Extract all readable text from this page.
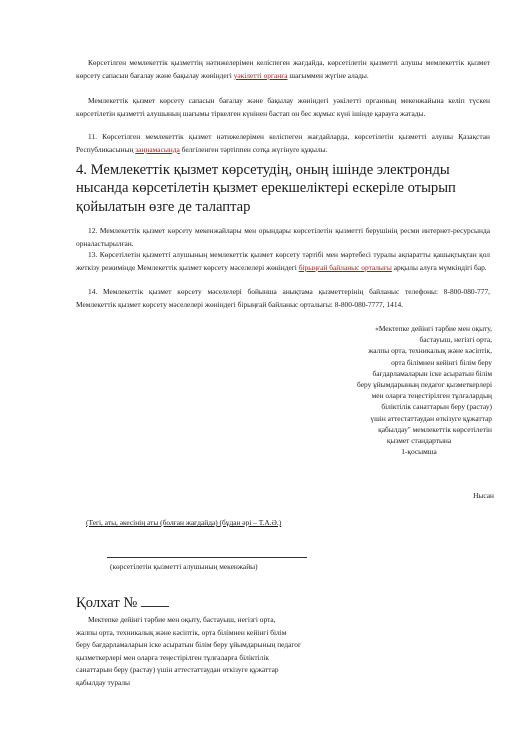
Көрсетілген мемлекеттік қызметтің нәтижелерімен келіспеген жағдайда, көрсетілетін қызметті алушы мемлекеттік қызмет көрсету сапасын бағалау және бақылау жөніндегі уәкілетті органға шағыммен жүгіне алады.

Мемлекеттік қызмет көрсету сапасын бағалау және бақылау жөніндегі уәкілетті органның мекенжайына келіп түскен көрсетілетін қызметті алушының шағымы тіркелген күнінен бастап он бес жұмыс күні ішінде қарауға жатады.

11. Көрсетілген мемлекеттік қызмет нәтижелерімен келіспеген жағдайларда, көрсетілетін қызметті алушы Қазақстан Республикасының заңнамасында белгіленген тәртіппен сотқа жүгінуге құқылы.

4. Мемлекеттік қызмет көрсетудің, оның ішінде электронды нысанда көрсетілетін қызмет ерекшеліктері ескеріле отырып қойылатын өзге де талаптар

12. Мемлекеттік қызмет көрсету мекенжайлары мен орындары көрсетілетін қызметті берушінің ресми интернет-ресурсында орналастырылған.

13. Көрсетілетін қызметті алушының мемлекеттік қызмет көрсету тәртібі мен мәртебесі туралы ақпаратты қашықтықтан қол жеткізу режимінде Мемлекеттік қызмет көрсету мәселелері жөніндегі бірыңғай байланыс орталығы арқылы алуға мүмкіндігі бар.

14. Мемлекеттік қызмет көрсету мәселелері бойынша анықтама қызметтерінің байланыс телефоны: 8-800-080-777, Мемлекеттік қызмет көрсету мәселелері жөніндегі бірыңғай байланыс орталығы: 8-800-080-7777, 1414.

«Мектепке дейінгі тәрбие мен оқыту,
бастауыш, негізгі орта,
жалпы орта, техникалық және кәсіптік,
орта білімнен кейінгі білім беру
бағдарламаларын іске асыратын білім
беру ұйымдарының педагог қызметкерлері
мен оларға теңестірілген тұлғалардың
біліктілік санаттарын беру (растау)
үшін аттестаттаудан өткізуге құжаттар
қабылдау" мемлекеттік көрсетілетін
қызмет стандартына
1-қосымша

Нысан
(Тегі, аты, әкесінің аты (болған жағдайда) (бұдан әрі – Т.А.Ә.)
(көрсетілетін қызметті алушының мекенжайы)
Қолхат №

Мектепке дейінгі тәрбие мен оқыту, бастауыш, негізгі орта,
жалпы орта, техникалық және кәсіптік, орта білімнен кейінгі білім
беру бағдарламаларын іске асыратын білім беру ұйымдарының педагог
қызметкерлері мен оларға теңестірілген тұлғаларға біліктілік
санаттарын беру (растау) үшін аттестаттаудан өткізуге құжаттар
қабылдау туралы
